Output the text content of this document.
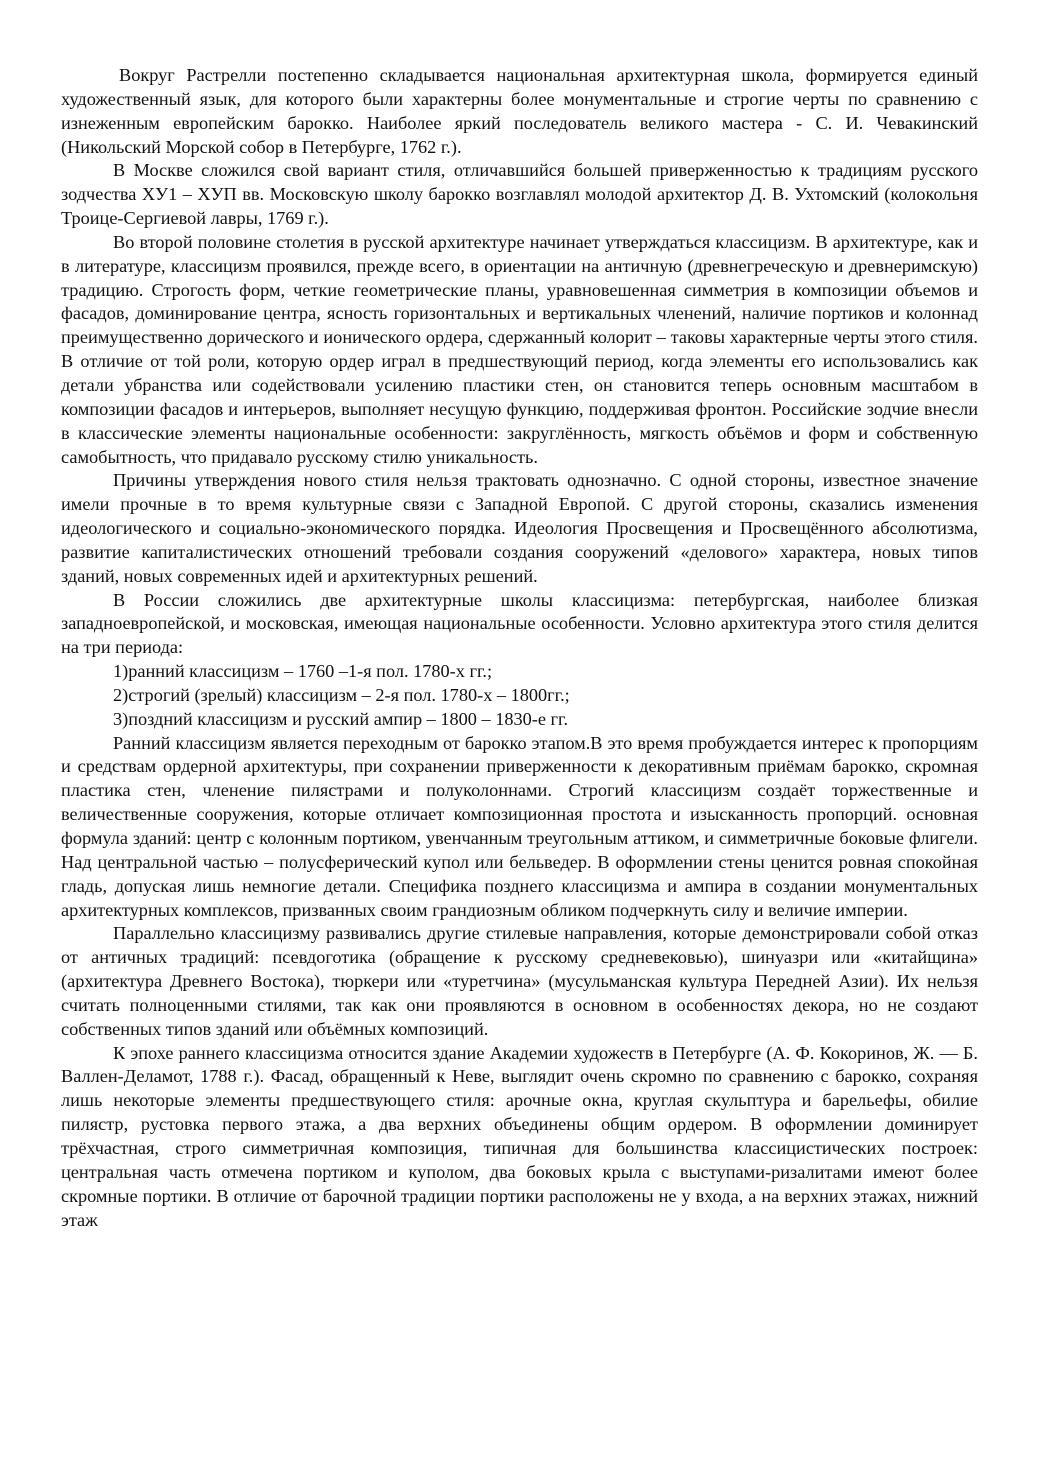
Вокруг Растрелли постепенно складывается национальная архитектурная школа, формируется единый художественный язык, для которого были характерны более монументальные и строгие черты по сравнению с изнеженным европейским барокко. Наиболее яркий последователь великого мастера - С. И. Чевакинский (Никольский Морской собор в Петербурге, 1762 г.).

В Москве сложился свой вариант стиля, отличавшийся большей приверженностью к традициям русского зодчества ХУ1 – ХУП вв. Московскую школу барокко возглавлял молодой архитектор Д. В. Ухтомский (колокольня Троице-Сергиевой лавры, 1769 г.).

Во второй половине столетия в русской архитектуре начинает утверждаться классицизм. В архитектуре, как и в литературе, классицизм проявился, прежде всего, в ориентации на античную (древнегреческую и древнеримскую) традицию. Строгость форм, четкие геометрические планы, уравновешенная симметрия в композиции объемов и фасадов, доминирование центра, ясность горизонтальных и вертикальных членений, наличие портиков и колоннад преимущественно дорического и ионического ордера, сдержанный колорит – таковы характерные черты этого стиля. В отличие от той роли, которую ордер играл в предшествующий период, когда элементы его использовались как детали убранства или содействовали усилению пластики стен, он становится теперь основным масштабом в композиции фасадов и интерьеров, выполняет несущую функцию, поддерживая фронтон. Российские зодчие внесли в классические элементы национальные особенности: закруглённость, мягкость объёмов и форм и собственную самобытность, что придавало русскому стилю уникальность.

Причины утверждения нового стиля нельзя трактовать однозначно. С одной стороны, известное значение имели прочные в то время культурные связи с Западной Европой. С другой стороны, сказались изменения идеологического и социально-экономического порядка. Идеология Просвещения и Просвещённого абсолютизма, развитие капиталистических отношений требовали создания сооружений «делового» характера, новых типов зданий, новых современных идей и архитектурных решений.

В России сложились две архитектурные школы классицизма: петербургская, наиболее близкая западноевропейской, и московская, имеющая национальные особенности. Условно архитектура этого стиля делится на три периода:

1)ранний классицизм – 1760 –1-я пол. 1780-х гг.;

2)строгий (зрелый) классицизм – 2-я пол. 1780-х – 1800гг.;

3)поздний классицизм и русский ампир – 1800 – 1830-е гг.

Ранний классицизм является переходным от барокко этапом.В это время пробуждается интерес к пропорциям и средствам ордерной архитектуры, при сохранении приверженности к декоративным приёмам барокко, скромная пластика стен, членение пилястрами и полуколоннами. Строгий классицизм создаёт торжественные и величественные сооружения, которые отличает композиционная простота и изысканность пропорций. основная формула зданий: центр с колонным портиком, увенчанным треугольным аттиком, и симметричные боковые флигели. Над центральной частью – полусферический купол или бельведер. В оформлении стены ценится ровная спокойная гладь, допуская лишь немногие детали. Специфика позднего классицизма и ампира в создании монументальных архитектурных комплексов, призванных своим грандиозным обликом подчеркнуть силу и величие империи.

Параллельно классицизму развивались другие стилевые направления, которые демонстрировали собой отказ от античных традиций: псевдоготика (обращение к русскому средневековью), шинуазри или «китайщина» (архитектура Древнего Востока), тюркери или «туретчина» (мусульманская культура Передней Азии). Их нельзя считать полноценными стилями, так как они проявляются в основном в особенностях декора, но не создают собственных типов зданий или объёмных композиций.

К эпохе раннего классицизма относится здание Академии художеств в Петербурге (А. Ф. Кокоринов, Ж. — Б. Валлен-Деламот, 1788 г.). Фасад, обращенный к Неве, выглядит очень скромно по сравнению с барокко, сохраняя лишь некоторые элементы предшествующего стиля: арочные окна, круглая скульптура и барельефы, обилие пилястр, рустовка первого этажа, а два верхних объединены общим ордером. В оформлении доминирует трёхчастная, строго симметричная композиция, типичная для большинства классицистических построек: центральная часть отмечена портиком и куполом, два боковых крыла с выступами-ризалитами имеют более скромные портики. В отличие от барочной традиции портики расположены не у входа, а на верхних этажах, нижний этаж
